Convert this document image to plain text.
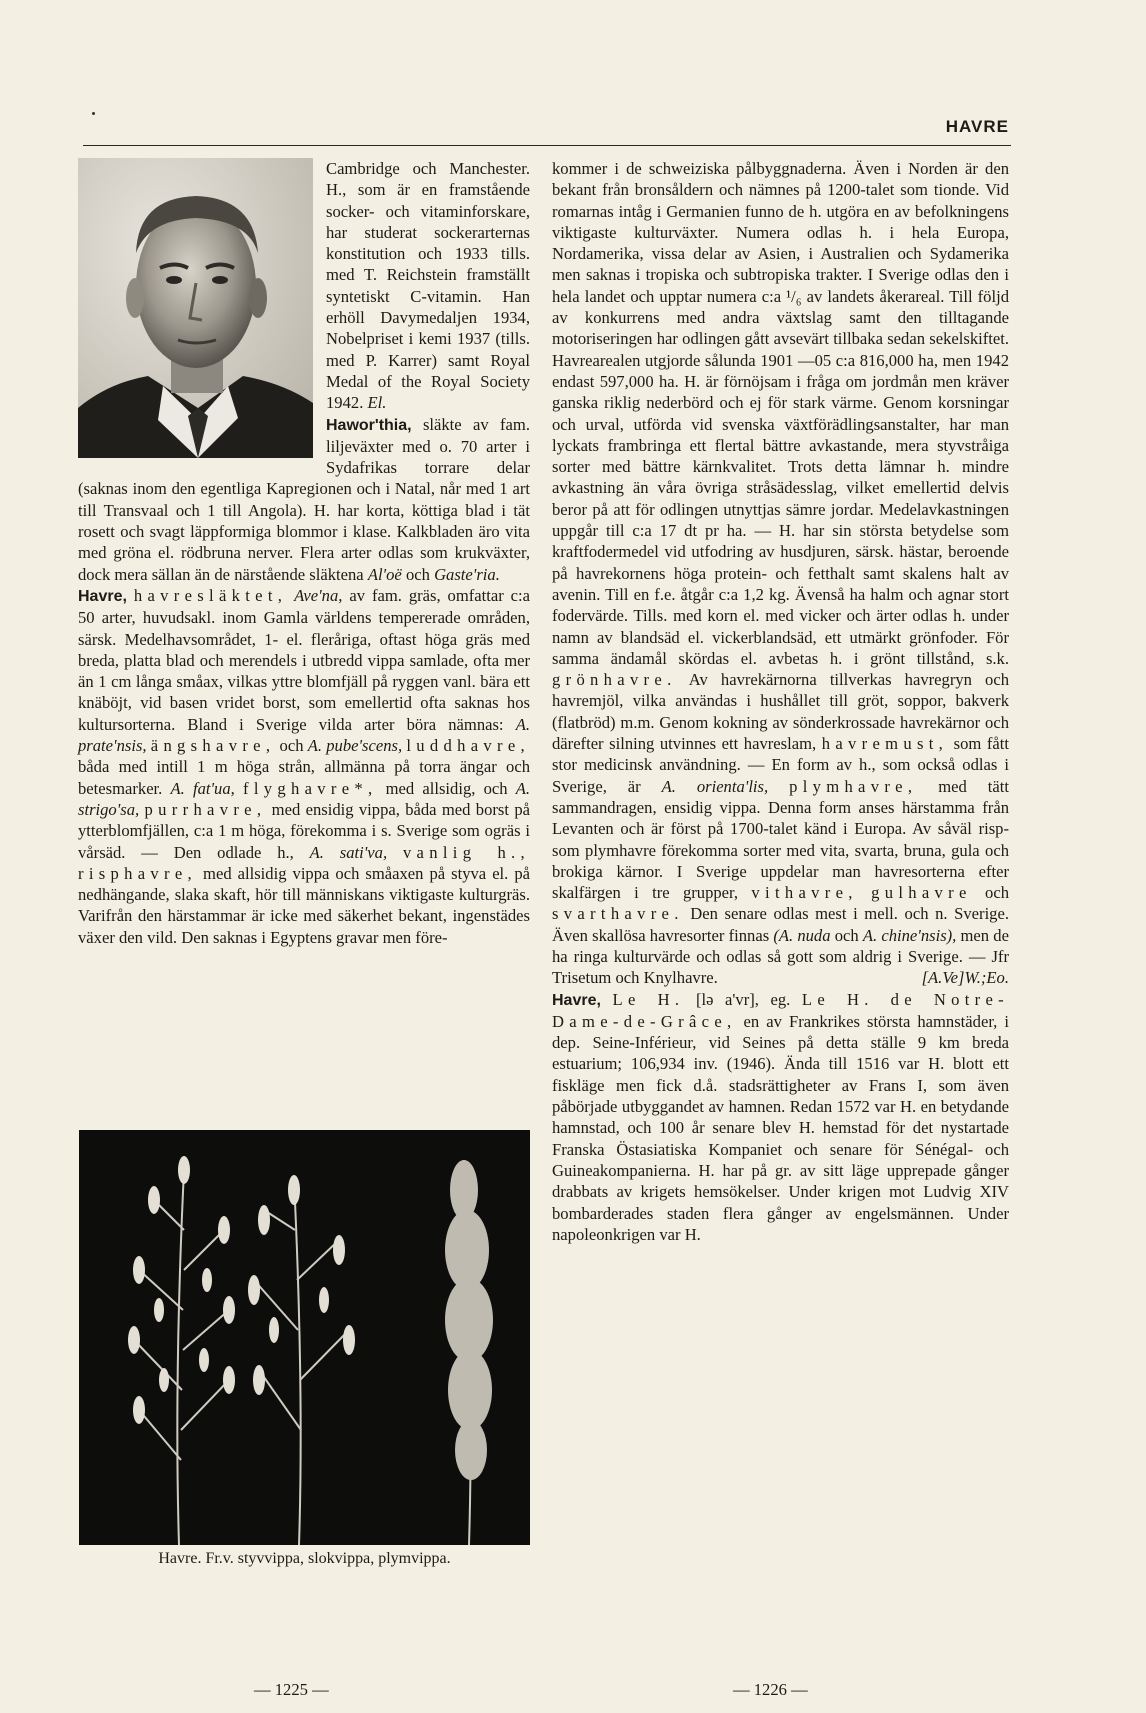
HAVRE

Cambridge och Manchester. H., som är en framstående socker- och vitaminforskare, har studerat sockerarternas konstitution och 1933 tills. med T. Reichstein framställt syntetiskt C-vitamin. Han erhöll Davymedaljen 1934, Nobelpriset i kemi 1937 (tills. med P. Karrer) samt Royal Medal of the Royal Society 1942. El.

Hawor'thia, släkte av fam. liljeväxter med o. 70 arter i Sydafrikas torrare delar (saknas inom den egentliga Kapregionen och i Natal, når med 1 art till Transvaal och 1 till Angola). H. har korta, köttiga blad i tät rosett och svagt läppformiga blommor i klase. Kalkbladen äro vita med gröna el. rödbruna nerver. Flera arter odlas som krukväxter, dock mera sällan än de närstående släktena Al'oë och Gaste'ria.

Havre, havresläktet, Ave'na, av fam. gräs, omfattar c:a 50 arter, huvudsakl. inom Gamla världens tempererade områden, särsk. Medelhavsområdet, 1- el. fleråriga, oftast höga gräs med breda, platta blad och merendels i utbredd vippa samlade, ofta mer än 1 cm långa småax, vilkas yttre blomfjäll på ryggen vanl. bära ett knäböjt, vid basen vridet borst, som emellertid ofta saknas hos kultursorterna. Bland i Sverige vilda arter böra nämnas: A. prate'nsis, ängshavre, och A. pube'scens, luddhavre, båda med intill 1 m höga strån, allmänna på torra ängar och betesmarker. A. fat'ua, flyghavre*, med allsidig, och A. strigo'sa, purrhavre, med ensidig vippa, båda med borst på ytterblomfjällen, c:a 1 m höga, förekomma i s. Sverige som ogräs i vårsäd. — Den odlade h., A. sati'va, vanlig h., risphavre, med allsidig vippa och småaxen på styva el. på nedhängande, slaka skaft, hör till människans viktigaste kulturgräs. Varifrån den härstammar är icke med säkerhet bekant, ingenstädes växer den vild. Den saknas i Egyptens gravar men före-

Havre. Fr.v. styvvippa, slokvippa, plymvippa.

kommer i de schweiziska pålbyggnaderna. Även i Norden är den bekant från bronsåldern och nämnes på 1200-talet som tionde. Vid romarnas intåg i Germanien funno de h. utgöra en av befolkningens viktigaste kulturväxter. Numera odlas h. i hela Europa, Nordamerika, vissa delar av Asien, i Australien och Sydamerika men saknas i tropiska och subtropiska trakter. I Sverige odlas den i hela landet och upptar numera c:a ¹/₆ av landets åkerareal. Till följd av konkurrens med andra växtslag samt den tilltagande motoriseringen har odlingen gått avsevärt tillbaka sedan sekelskiftet. Havrearealen utgjorde sålunda 1901 —05 c:a 816,000 ha, men 1942 endast 597,000 ha. H. är förnöjsam i fråga om jordmån men kräver ganska riklig nederbörd och ej för stark värme. Genom korsningar och urval, utförda vid svenska växtförädlingsanstalter, har man lyckats frambringa ett flertal bättre avkastande, mera styvstråiga sorter med bättre kärnkvalitet. Trots detta lämnar h. mindre avkastning än våra övriga stråsädesslag, vilket emellertid delvis beror på att för odlingen utnyttjas sämre jordar. Medelavkastningen uppgår till c:a 17 dt pr ha. — H. har sin största betydelse som kraftfodermedel vid utfodring av husdjuren, särsk. hästar, beroende på havrekornens höga protein- och fetthalt samt skalens halt av avenin. Till en f.e. åtgår c:a 1,2 kg. Ävenså ha halm och agnar stort fodervärde. Tills. med korn el. med vicker och ärter odlas h. under namn av blandsäd el. vickerblandsäd, ett utmärkt grönfoder. För samma ändamål skördas el. avbetas h. i grönt tillstånd, s.k. grönhavre. Av havrekärnorna tillverkas havregryn och havremjöl, vilka användas i hushållet till gröt, soppor, bakverk (flatbröd) m.m. Genom kokning av sönderkrossade havrekärnor och därefter silning utvinnes ett havreslam, havremust, som fått stor medicinsk användning. — En form av h., som också odlas i Sverige, är A. orienta'lis, plymhavre, med tätt sammandragen, ensidig vippa. Denna form anses härstamma från Levanten och är först på 1700-talet känd i Europa. Av såväl risp- som plymhavre förekomma sorter med vita, svarta, bruna, gula och brokiga kärnor. I Sverige uppdelar man havresorterna efter skalfärgen i tre grupper, vithavre, gulhavre och svarthavre. Den senare odlas mest i mell. och n. Sverige. Även skallösa havresorter finnas (A. nuda och A. chine'nsis), men de ha ringa kulturvärde och odlas så gott som aldrig i Sverige. — Jfr Trisetum och Knylhavre.	[A.Ve]W.;Eo.

Havre, Le H. [lə a'vr], eg. Le H. de Notre-Dame-de-Grâce, en av Frankrikes största hamnstäder, i dep. Seine-Inférieur, vid Seines på detta ställe 9 km breda estuarium; 106,934 inv. (1946). Ända till 1516 var H. blott ett fiskläge men fick d.å. stadsrättigheter av Frans I, som även påbörjade utbyggandet av hamnen. Redan 1572 var H. en betydande hamnstad, och 100 år senare blev H. hemstad för det nystartade Franska Östasiatiska Kompaniet och senare för Sénégal- och Guineakompanierna. H. har på gr. av sitt läge upprepade gånger drabbats av krigets hemsökelser. Under krigen mot Ludvig XIV bombarderades staden flera gånger av engelsmännen. Under napoleonkrigen var H.

— 1225 —	— 1226 —
